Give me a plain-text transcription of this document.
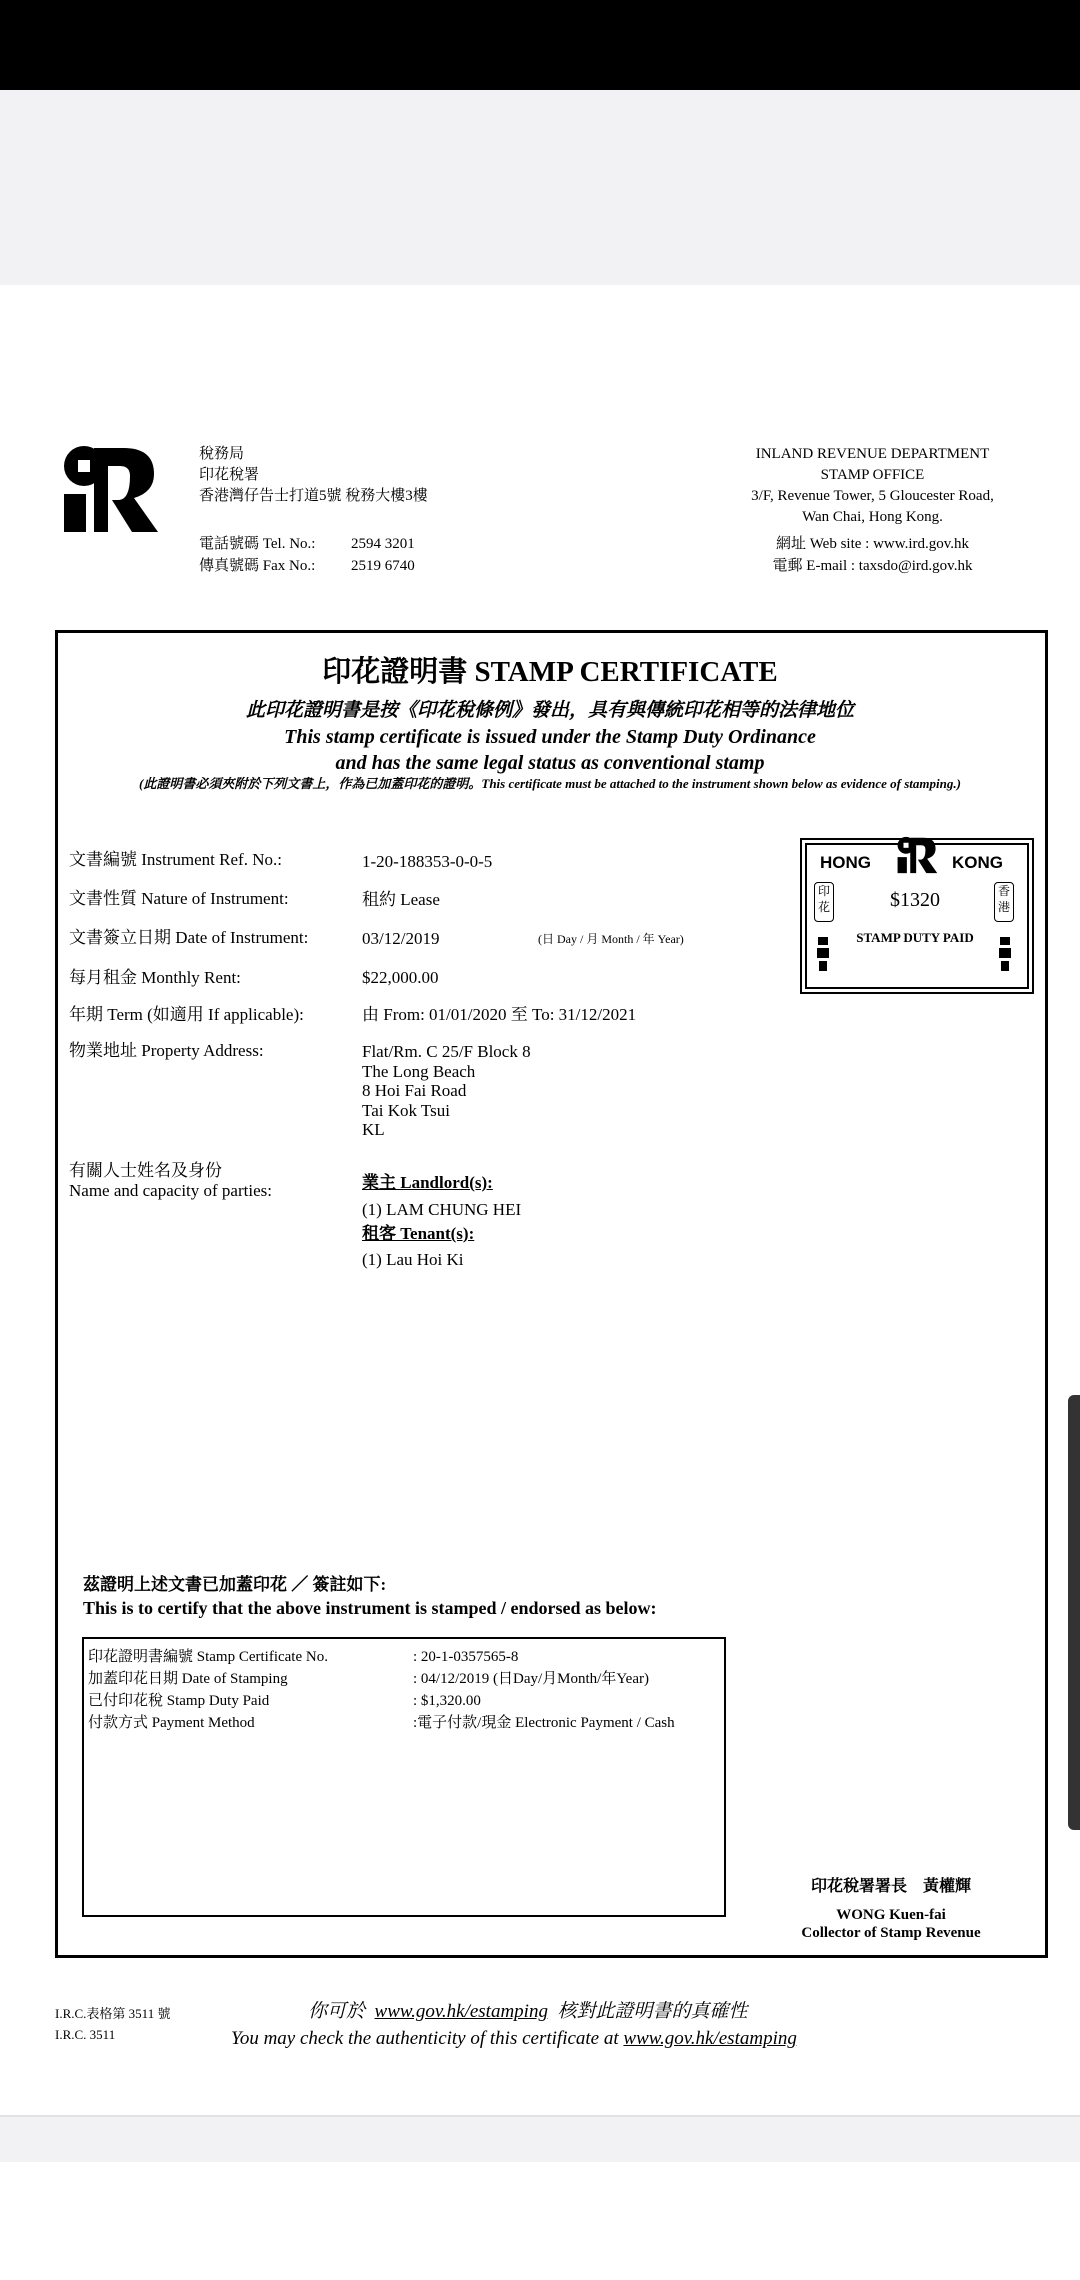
稅務局
印花稅署
香港灣仔告士打道5號 稅務大樓3樓
電話號碼 Tel. No.: 2594 3201
傳真號碼 Fax No.: 2519 6740
INLAND REVENUE DEPARTMENT
STAMP OFFICE
3/F, Revenue Tower, 5 Gloucester Road,
Wan Chai, Hong Kong.
網址 Web site : www.ird.gov.hk
電郵 E-mail : taxsdo@ird.gov.hk
印花證明書 STAMP CERTIFICATE
此印花證明書是按《印花稅條例》發出，具有與傳統印花相等的法律地位
This stamp certificate is issued under the Stamp Duty Ordinance
and has the same legal status as conventional stamp
(此證明書必須夾附於下列文書上，作為已加蓋印花的證明。This certificate must be attached to the instrument shown below as evidence of stamping.)
文書編號 Instrument Ref. No.:	1-20-188353-0-0-5
文書性質 Nature of Instrument:	租約 Lease
文書簽立日期 Date of Instrument:	03/12/2019	(日 Day / 月 Month / 年 Year)
每月租金 Monthly Rent:	$22,000.00
年期 Term (如適用 If applicable):	由 From: 01/01/2020 至 To: 31/12/2021
物業地址 Property Address:	Flat/Rm. C 25/F Block 8
The Long Beach
8 Hoi Fai Road
Tai Kok Tsui
KL
有關人士姓名及身份
Name and capacity of parties:	業主 Landlord(s):
(1) LAM CHUNG HEI
租客 Tenant(s):
(1) Lau Hoi Ki
HONG	KONG
印花
香港
$1320
STAMP DUTY PAID
茲證明上述文書已加蓋印花 ／ 簽註如下:
This is to certify that the above instrument is stamped / endorsed as below:
印花證明書編號 Stamp Certificate No.	: 20-1-0357565-8
加蓋印花日期 Date of Stamping	: 04/12/2019 (日Day/月Month/年Year)
已付印花稅 Stamp Duty Paid	: $1,320.00
付款方式 Payment Method	:電子付款/現金 Electronic Payment / Cash
印花稅署署長　黃權輝
WONG Kuen-fai
Collector of Stamp Revenue
I.R.C.表格第 3511 號
I.R.C. 3511
你可於 www.gov.hk/estamping 核對此證明書的真確性
You may check the authenticity of this certificate at www.gov.hk/estamping
